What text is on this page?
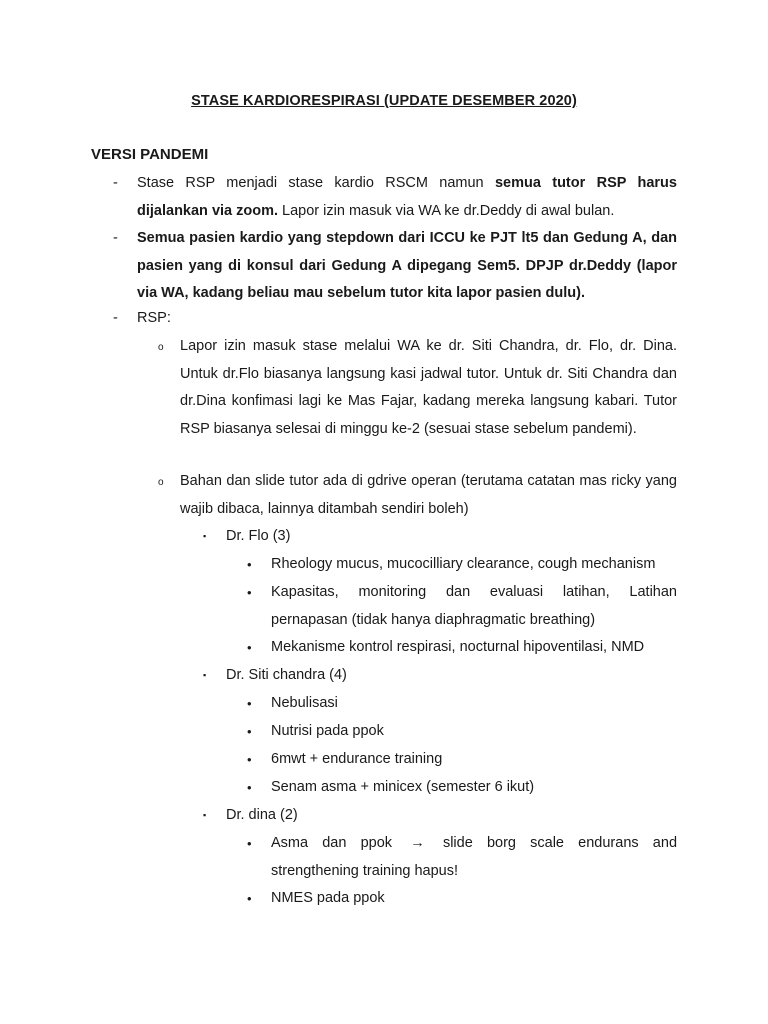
STASE KARDIORESPIRASI (UPDATE DESEMBER 2020)
VERSI PANDEMI
- Stase RSP menjadi stase kardio RSCM namun semua tutor RSP harus dijalankan via zoom. Lapor izin masuk via WA ke dr.Deddy di awal bulan.
- Semua pasien kardio yang stepdown dari ICCU ke PJT lt5 dan Gedung A, dan pasien yang di konsul dari Gedung A dipegang Sem5. DPJP dr.Deddy (lapor via WA, kadang beliau mau sebelum tutor kita lapor pasien dulu).
- RSP:
o Lapor izin masuk stase melalui WA ke dr. Siti Chandra, dr. Flo, dr. Dina. Untuk dr.Flo biasanya langsung kasi jadwal tutor. Untuk dr. Siti Chandra dan dr.Dina konfimasi lagi ke Mas Fajar, kadang mereka langsung kabari. Tutor RSP biasanya selesai di minggu ke-2 (sesuai stase sebelum pandemi).
o Bahan dan slide tutor ada di gdrive operan (terutama catatan mas ricky yang wajib dibaca, lainnya ditambah sendiri boleh)
▪ Dr. Flo (3)
• Rheology mucus, mucocilliary clearance, cough mechanism
• Kapasitas, monitoring dan evaluasi latihan, Latihan pernapasan (tidak hanya diaphragmatic breathing)
• Mekanisme kontrol respirasi, nocturnal hipoventilasi, NMD
▪ Dr. Siti chandra (4)
• Nebulisasi
• Nutrisi pada ppok
• 6mwt + endurance training
• Senam asma + minicex (semester 6 ikut)
▪ Dr. dina (2)
• Asma dan ppok → slide borg scale endurans and strengthening training hapus!
• NMES pada ppok
